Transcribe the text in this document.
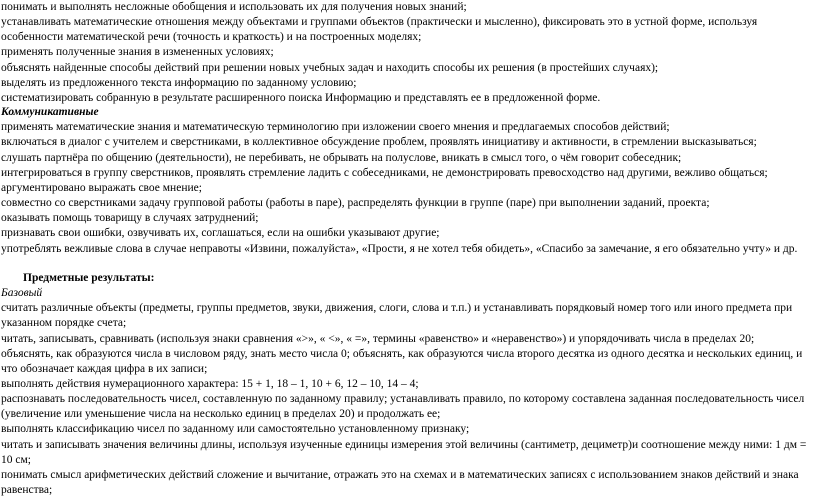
понимать и выполнять несложные обобщения и использовать их для получения новых знаний;
устанавливать математические отношения между объектами и группами объектов (практически и мысленно), фиксировать это в устной форме, используя
особенности математической речи (точность и краткость) и на построенных моделях;
применять полученные знания в измененных условиях;
объяснять найденные способы действий при решении новых учебных задач и находить способы их решения (в простейших случаях);
выделять из предложенного текста информацию по заданному условию;
систематизировать собранную в результате расширенного поиска Информацию и представлять ее в предложенной форме.
Коммуникативные
применять математические знания и математическую терминологию при изложении своего мнения и предлагаемых способов действий;
включаться в диалог с учителем и сверстниками, в коллективное обсуждение проблем, проявлять инициативу и активности, в стремлении высказываться;
слушать партнёра по общению (деятельности), не перебивать, не обрывать на полуслове, вникать в смысл того, о чём говорит собеседник;
интегрироваться в группу сверстников, проявлять стремление ладить с собеседниками, не демонстрировать превосходство над другими, вежливо общаться;
аргументировано выражать свое мнение;
совместно со сверстниками задачу групповой работы (работы в паре), распределять функции в группе (паре) при выполнении заданий, проекта;
оказывать помощь товарищу в случаях затруднений;
признавать свои ошибки, озвучивать их, соглашаться, если на ошибки указывают другие;
употреблять вежливые слова в случае неправоты «Извини, пожалуйста», «Прости, я не хотел тебя обидеть», «Спасибо за замечание, я его обязательно учту» и др.
Предметные результаты:
Базовый
считать различные объекты (предметы, группы предметов, звуки, движения, слоги, слова и т.п.) и устанавливать порядковый номер того или иного предмета при
указанном порядке счета;
читать, записывать, сравнивать (используя знаки сравнения «>», « <», « =», термины «равенство» и «неравенство») и упорядочивать числа в пределах 20;
объяснять, как образуются числа в числовом ряду, знать место числа 0; объяснять, как образуются числа второго десятка из одного десятка и нескольких единиц, и
что обозначает каждая цифра в их записи;
выполнять действия нумерационного характера: 15 + 1, 18 – 1, 10 + 6, 12 – 10, 14 – 4;
распознавать последовательность чисел, составленную по заданному правилу; устанавливать правило, по которому составлена заданная последовательность чисел
(увеличение или уменьшение числа на несколько единиц в пределах 20) и продолжать ее;
выполнять классификацию чисел по заданному или самостоятельно установленному признаку;
читать и записывать значения величины длины, используя изученные единицы измерения этой величины (сантиметр, дециметр)и соотношение между ними: 1 дм =
10 см;
понимать смысл арифметических действий сложение и вычитание, отражать это на схемах и в математических записях с использованием знаков действий и знака
равенства;
